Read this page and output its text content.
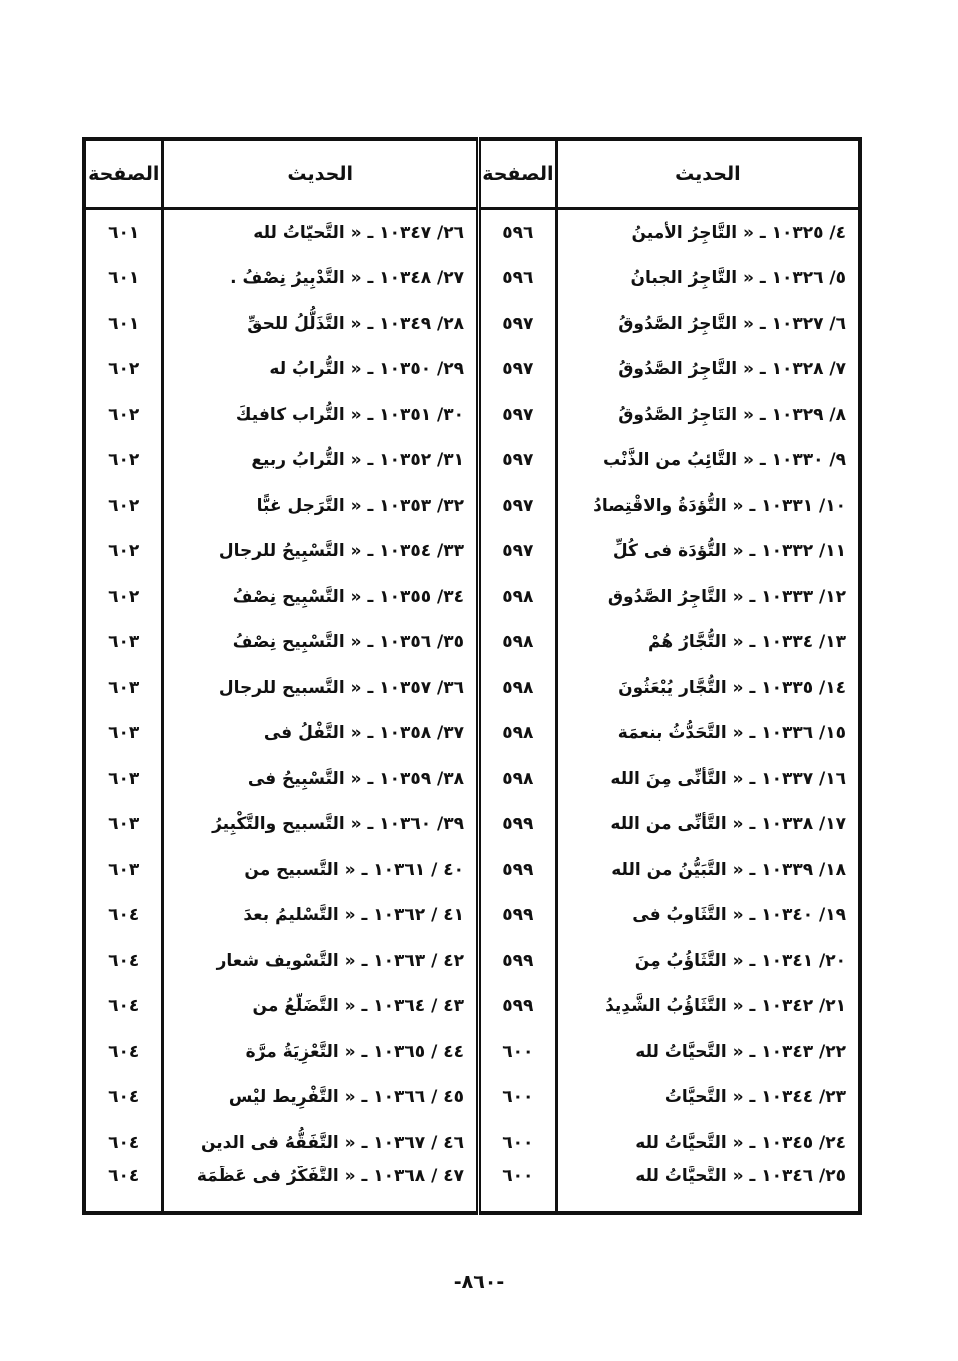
الحديث	الصفحة	الحديث	الصفحة
٤/ ١٠٣٢٥ ـ « التَّاجِرُ الأمينُ	٥٩٦	٢٦/ ١٠٣٤٧ ـ « التَّحيّاتُ لله	٦٠١
٥/ ١٠٣٢٦ ـ « التَّاجِرُ الجبانُ	٥٩٦	٢٧/ ١٠٣٤٨ ـ « التَّدْبِيرُ نِصْفُ .	٦٠١
٦/ ١٠٣٢٧ ـ « التَّاجِرُ الصَّدُوقُ	٥٩٧	٢٨/ ١٠٣٤٩ ـ « التَّذَلُّلُ للحقِّ	٦٠١
٧/ ١٠٣٢٨ ـ « التَّاجِرُ الصَّدُوقُ	٥٩٧	٢٩/ ١٠٣٥٠ ـ « التُّرابُ له	٦٠٢
٨/ ١٠٣٢٩ ـ « التَاجِرُ الصَّدُوقُ	٥٩٧	٣٠/ ١٠٣٥١ ـ « التُّراب كافيكَ	٦٠٢
٩/ ١٠٣٣٠ ـ « التَّائِبُ من الذَّنْب	٥٩٧	٣١/ ١٠٣٥٢ ـ « التُّرابُ ربيع	٦٠٢
١٠/ ١٠٣٣١ ـ « التُّؤدَةُ والاقْتِصادُ	٥٩٧	٣٢/ ١٠٣٥٣ ـ « التَّرَجل غبًّا	٦٠٢
١١/ ١٠٣٣٢ ـ « التُّؤدَة فى كُلِّ	٥٩٧	٣٣/ ١٠٣٥٤ ـ « التَّسْبِيحُ للرجال	٦٠٢
١٢/ ١٠٣٣٣ ـ « التَّاجِرُ الصَّدُوق	٥٩٨	٣٤/ ١٠٣٥٥ ـ « التَّسْبِيح نِصْفُ	٦٠٢
١٣/ ١٠٣٣٤ ـ « التُّجَّارُ هُمْ	٥٩٨	٣٥/ ١٠٣٥٦ ـ « التَّسْبِيح نِصْفُ	٦٠٣
١٤/ ١٠٣٣٥ ـ « التُّجَّار يُبْعَثُونَ	٥٩٨	٣٦/ ١٠٣٥٧ ـ « التَّسبيح للرجال	٦٠٣
١٥/ ١٠٣٣٦ ـ « التَّحَدُّثُ بنعمَة	٥٩٨	٣٧/ ١٠٣٥٨ ـ « التَّفْلُ فى	٦٠٣
١٦/ ١٠٣٣٧ ـ « التَّأنِّى مِنَ الله	٥٩٨	٣٨/ ١٠٣٥٩ ـ « التَّسْبِيحُ فى	٦٠٣
١٧/ ١٠٣٣٨ ـ « التَّأنِّى من الله	٥٩٩	٣٩/ ١٠٣٦٠ ـ « التَّسبيح والتَّكْبِيرُ	٦٠٣
١٨/ ١٠٣٣٩ ـ « التَّبَيُّنُ من الله	٥٩٩	٤٠ / ١٠٣٦١ ـ « التَّسبيح من	٦٠٣
١٩/ ١٠٣٤٠ ـ « التَّثَاوبُ فى	٥٩٩	٤١ / ١٠٣٦٢ ـ « التَّسْليمُ بعدَ	٦٠٤
٢٠/ ١٠٣٤١ ـ « التَّثَاؤُبُ مِنَ	٥٩٩	٤٢ / ١٠٣٦٣ ـ « التَّسْويف شعار	٦٠٤
٢١/ ١٠٣٤٢ ـ « التَّثَاؤُبُ الشَّدِيدُ	٥٩٩	٤٣ / ١٠٣٦٤ ـ « التَّضَلّعُ من	٦٠٤
٢٢/ ١٠٣٤٣ ـ « التَّحيَّاتُ لله	٦٠٠	٤٤ / ١٠٣٦٥ ـ « التَّعْزِيَةُ مرَّة	٦٠٤
٢٣/ ١٠٣٤٤ ـ « التَّحيَّاتُ	٦٠٠	٤٥ / ١٠٣٦٦ ـ « التَّفْرِيط ليْس	٦٠٤
٢٤/ ١٠٣٤٥ ـ « التَّحيَّاتُ لله	٦٠٠	٤٦ / ١٠٣٦٧ ـ « التَّفَقُّهُ فى الدين	٦٠٤
٢٥/ ١٠٣٤٦ ـ « التَّحيَّاتُ لله	٦٠٠	٤٧ / ١٠٣٦٨ ـ « التَّفَكُّرُ فى عَظَمَة	٦٠٤
-٨٦٠-
